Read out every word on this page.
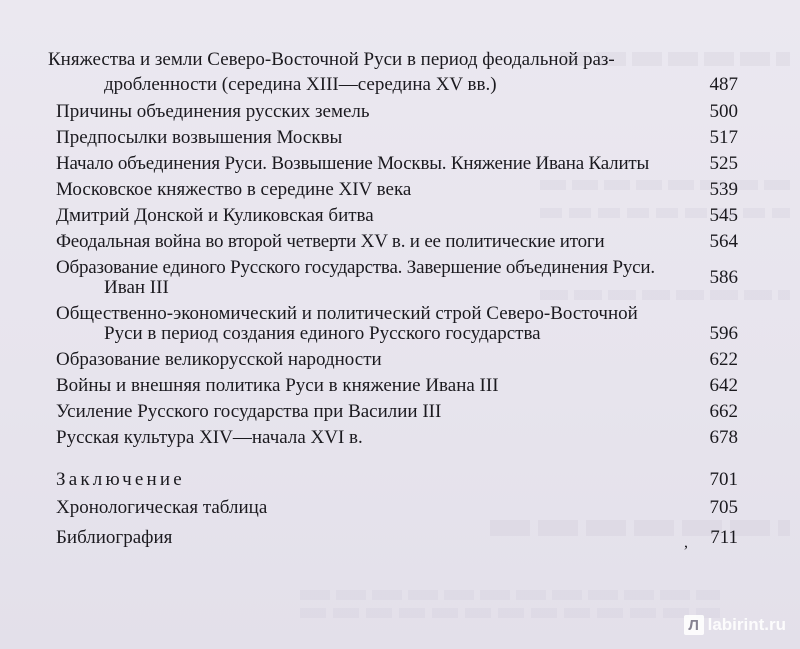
Княжества и земли Северо-Восточной Руси в период феодальной раз-
дробленности (середина XIII—середина XV вв.)	487
Причины объединения русских земель	500
Предпосылки возвышения Москвы	517
Начало объединения Руси. Возвышение Москвы. Княжение Ивана Калиты	525
Московское княжество в середине XIV века	539
Дмитрий Донской и Куликовская битва	545
Феодальная война во второй четверти XV в. и ее политические итоги	564
Образование единого Русского государства. Завершение объединения Руси.
Иван III	586
Общественно-экономический и политический строй Северо-Восточной
Руси в период создания единого Русского государства	596
Образование великорусской народности	622
Войны и внешняя политика Руси в княжение Ивана III	642
Усиление Русского государства при Василии III	662
Русская культура XIV—начала XVI в.	678
Заключение	701
Хронологическая таблица	705
Библиография	711
,
Л labirint.ru
